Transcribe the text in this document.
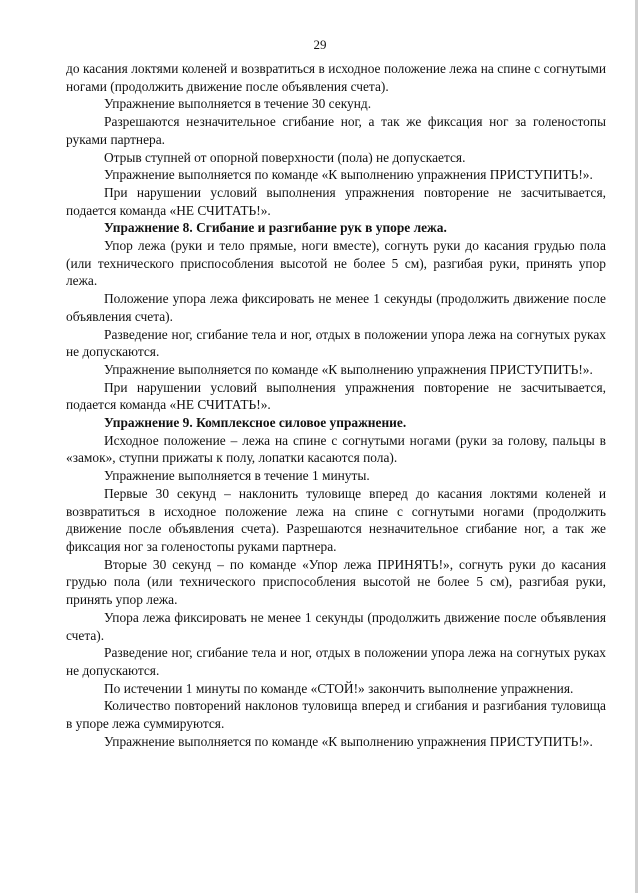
29

до касания локтями коленей и возвратиться в исходное положение лежа на спине с согнутыми ногами (продолжить движение после объявления счета).

Упражнение выполняется в течение 30 секунд.

Разрешаются незначительное сгибание ног, а так же фиксация ног за голеностопы руками партнера.

Отрыв ступней от опорной поверхности (пола) не допускается.

Упражнение выполняется по команде «К выполнению упражнения ПРИСТУПИТЬ!».

При нарушении условий выполнения упражнения повторение не засчитывается, подается команда «НЕ СЧИТАТЬ!».

Упражнение 8. Сгибание и разгибание рук в упоре лежа.

Упор лежа (руки и тело прямые, ноги вместе), согнуть руки до касания грудью пола (или технического приспособления высотой не более 5 см), разгибая руки, принять упор лежа.

Положение упора лежа фиксировать не менее 1 секунды (продолжить движение после объявления счета).

Разведение ног, сгибание тела и ног, отдых в положении упора лежа на согнутых руках не допускаются.

Упражнение выполняется по команде «К выполнению упражнения ПРИСТУПИТЬ!».

При нарушении условий выполнения упражнения повторение не засчитывается, подается команда «НЕ СЧИТАТЬ!».

Упражнение 9. Комплексное силовое упражнение.

Исходное положение – лежа на спине с согнутыми ногами (руки за голову, пальцы в «замок», ступни прижаты к полу, лопатки касаются пола).

Упражнение выполняется в течение 1 минуты.

Первые 30 секунд – наклонить туловище вперед до касания локтями коленей и возвратиться в исходное положение лежа на спине с согнутыми ногами (продолжить движение после объявления счета). Разрешаются незначительное сгибание ног, а так же фиксация ног за голеностопы руками партнера.

Вторые 30 секунд – по команде «Упор лежа ПРИНЯТЬ!», согнуть руки до касания грудью пола (или технического приспособления высотой не более 5 см), разгибая руки, принять упор лежа.

Упора лежа фиксировать не менее 1 секунды (продолжить движение после объявления счета).

Разведение ног, сгибание тела и ног, отдых в положении упора лежа на согнутых руках не допускаются.

По истечении 1 минуты по команде «СТОЙ!» закончить выполнение упражнения.

Количество повторений наклонов туловища вперед и сгибания и разгибания туловища в упоре лежа суммируются.

Упражнение выполняется по команде «К выполнению упражнения ПРИСТУПИТЬ!».
